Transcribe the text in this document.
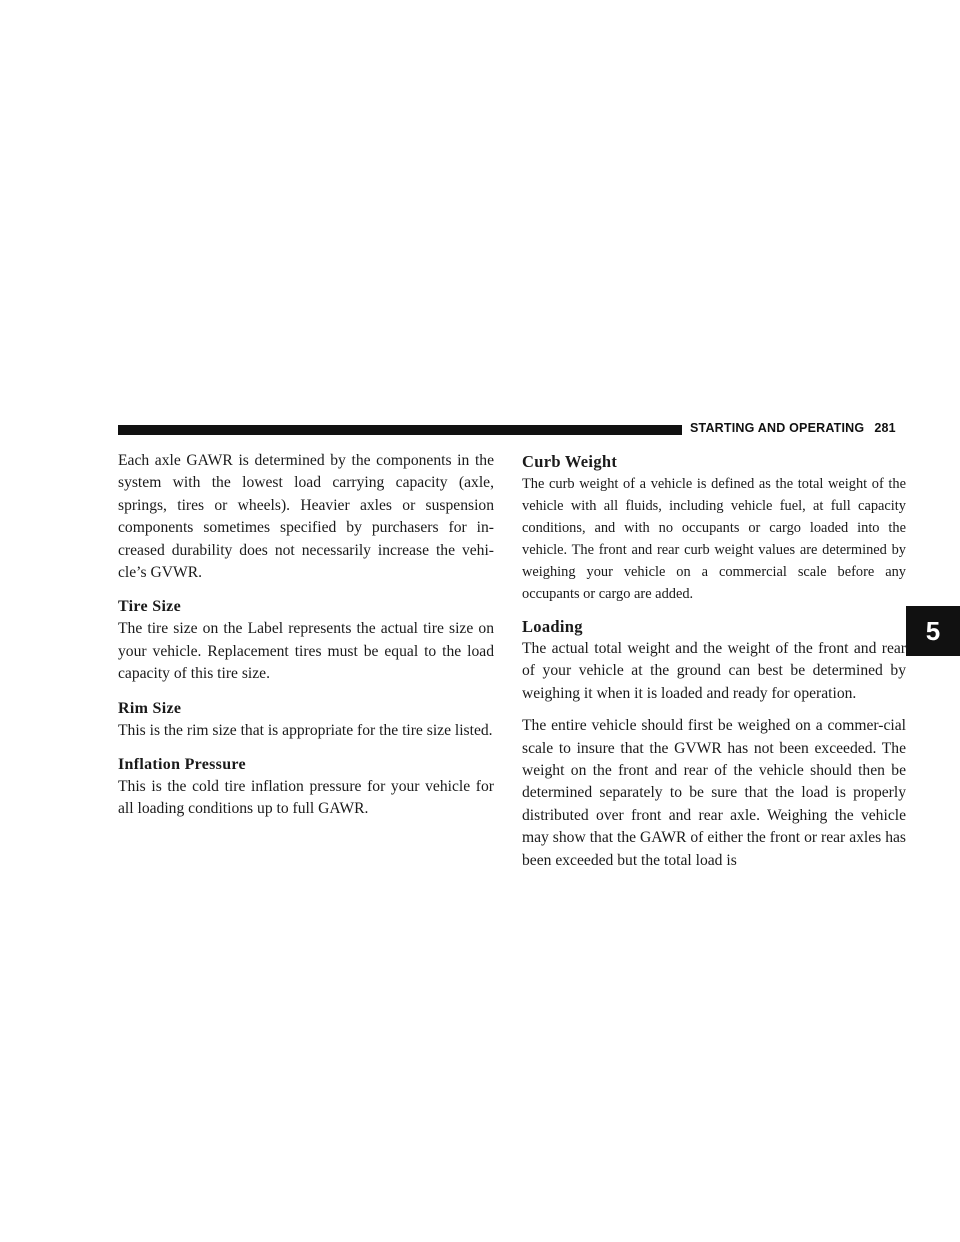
STARTING AND OPERATING 281
5

Each axle GAWR is determined by the components in the system with the lowest load carrying capacity (axle, springs, tires or wheels). Heavier axles or suspension components sometimes specified by purchasers for in-creased durability does not necessarily increase the vehi-cle’s GVWR.

Tire Size

The tire size on the Label represents the actual tire size on your vehicle. Replacement tires must be equal to the load capacity of this tire size.

Rim Size

This is the rim size that is appropriate for the tire size listed.

Inflation Pressure

This is the cold tire inflation pressure for your vehicle for all loading conditions up to full GAWR.

Curb Weight

The curb weight of a vehicle is defined as the total weight of the vehicle with all fluids, including vehicle fuel, at full capacity conditions, and with no occupants or cargo loaded into the vehicle. The front and rear curb weight values are determined by weighing your vehicle on a commercial scale before any occupants or cargo are added.

Loading

The actual total weight and the weight of the front and rear of your vehicle at the ground can best be determined by weighing it when it is loaded and ready for operation.

The entire vehicle should first be weighed on a commer-cial scale to insure that the GVWR has not been exceeded. The weight on the front and rear of the vehicle should then be determined separately to be sure that the load is properly distributed over front and rear axle. Weighing the vehicle may show that the GAWR of either the front or rear axles has been exceeded but the total load is
